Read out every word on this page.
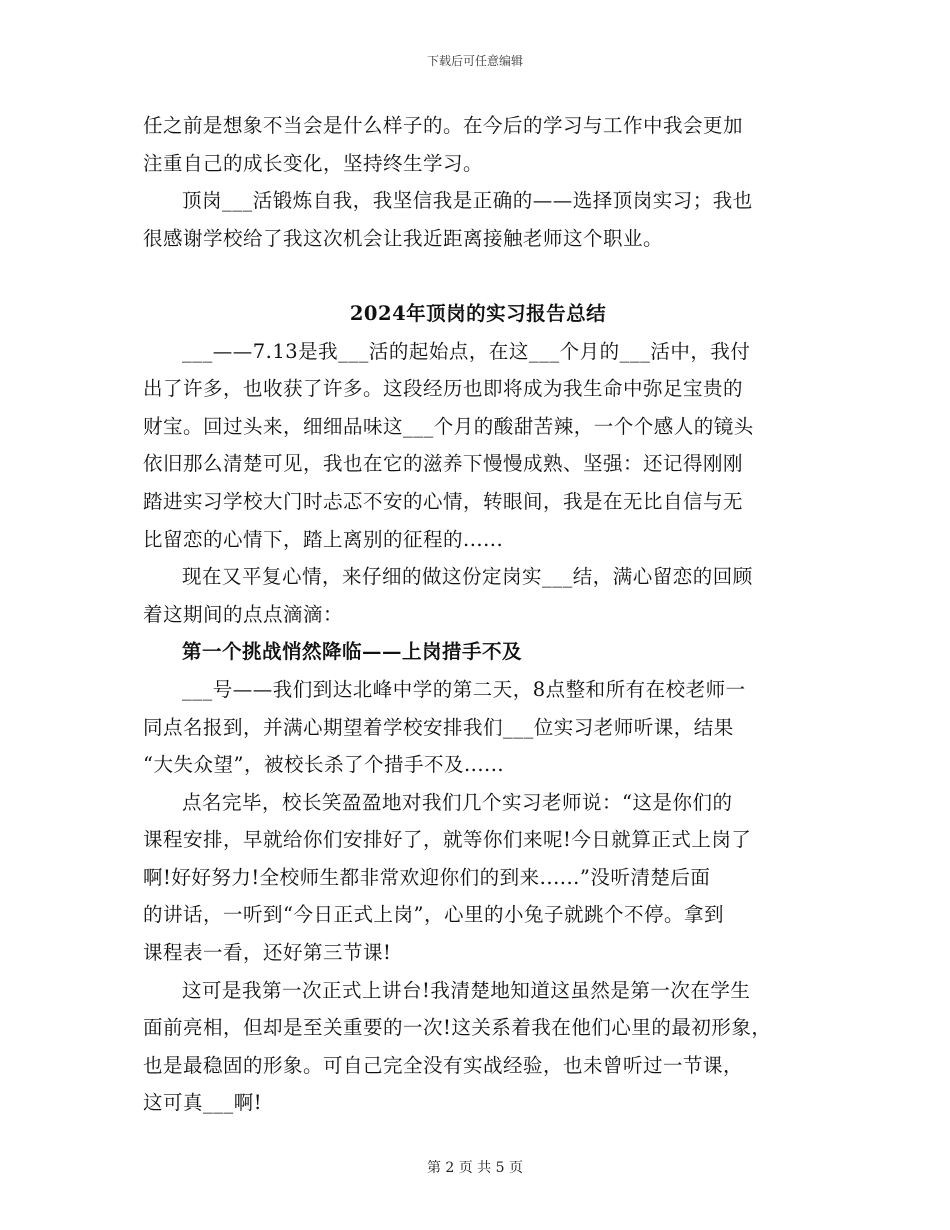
下载后可任意编辑

任之前是想象不当会是什么样子的。在今后的学习与工作中我会更加

注重自己的成长变化，坚持终生学习。

顶岗___活锻炼自我，我坚信我是正确的——选择顶岗实习；我也

很感谢学校给了我这次机会让我近距离接触老师这个职业。

2024年顶岗的实习报告总结

___——7.13是我___活的起始点，在这___个月的___活中，我付

出了许多，也收获了许多。这段经历也即将成为我生命中弥足宝贵的

财宝。回过头来，细细品味这___个月的酸甜苦辣，一个个感人的镜头

依旧那么清楚可见，我也在它的滋养下慢慢成熟、坚强：还记得刚刚

踏进实习学校大门时忐忑不安的心情，转眼间，我是在无比自信与无

比留恋的心情下，踏上离别的征程的......

现在又平复心情，来仔细的做这份定岗实___结，满心留恋的回顾

着这期间的点点滴滴：

第一个挑战悄然降临——上岗措手不及

___号——我们到达北峰中学的第二天，8点整和所有在校老师一

同点名报到，并满心期望着学校安排我们___位实习老师听课，结果

“大失众望”，被校长杀了个措手不及......

点名完毕，校长笑盈盈地对我们几个实习老师说：“这是你们的

课程安排，早就给你们安排好了，就等你们来呢!今日就算正式上岗了

啊!好好努力!全校师生都非常欢迎你们的到来......”没听清楚后面

的讲话，一听到“今日正式上岗”，心里的小兔子就跳个不停。拿到

课程表一看，还好第三节课!

这可是我第一次正式上讲台!我清楚地知道这虽然是第一次在学生

面前亮相，但却是至关重要的一次!这关系着我在他们心里的最初形象，

也是最稳固的形象。可自己完全没有实战经验，也未曾听过一节课，

这可真___啊!

第 2 页 共 5 页
